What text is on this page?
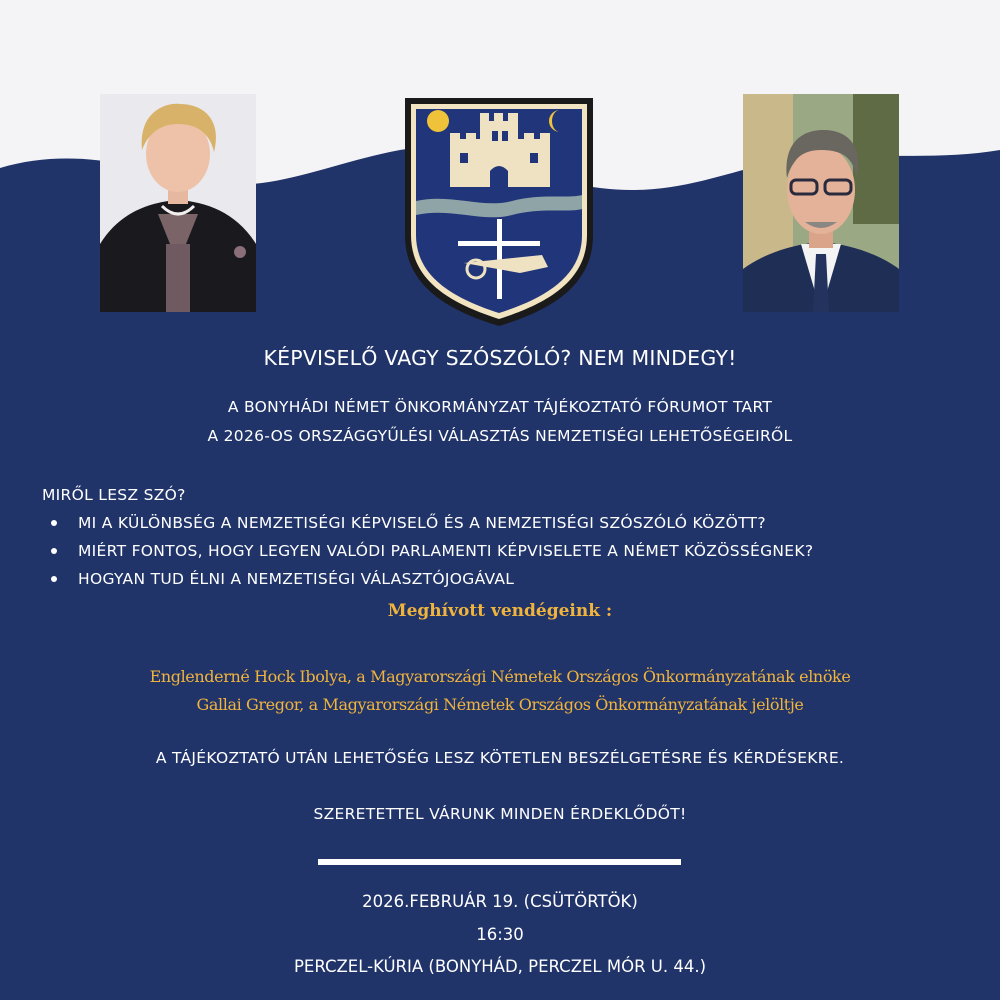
KÉPVISELŐ VAGY SZÓSZÓLÓ? NEM MINDEGY!
A BONYHÁDI NÉMET ÖNKORMÁNYZAT TÁJÉKOZTATÓ FÓRUMOT TART
A 2026-OS ORSZÁGGYŰLÉSI VÁLASZTÁS NEMZETISÉGI LEHETŐSÉGEIRŐL
MIRŐL LESZ SZÓ?
MI A KÜLÖNBSÉG A NEMZETISÉGI KÉPVISELŐ ÉS A NEMZETISÉGI SZÓSZÓLÓ KÖZÖTT?
MIÉRT FONTOS, HOGY LEGYEN VALÓDI PARLAMENTI KÉPVISELETE A NÉMET KÖZÖSSÉGNEK?
HOGYAN TUD ÉLNI A NEMZETISÉGI VÁLASZTÓJOGÁVAL
Meghívott vendégeink :
Englenderné Hock Ibolya, a Magyarországi Németek Országos Önkormányzatának elnöke
Gallai Gregor, a Magyarországi Németek Országos Önkormányzatának jelöltje
A TÁJÉKOZTATÓ UTÁN LEHETŐSÉG LESZ KÖTETLEN BESZÉLGETÉSRE ÉS KÉRDÉSEKRE.
SZERETETTEL VÁRUNK MINDEN ÉRDEKLŐDŐT!
2026.FEBRUÁR 19. (CSÜTÖRTÖK)
16:30
PERCZEL-KÚRIA (BONYHÁD, PERCZEL MÓR U. 44.)
